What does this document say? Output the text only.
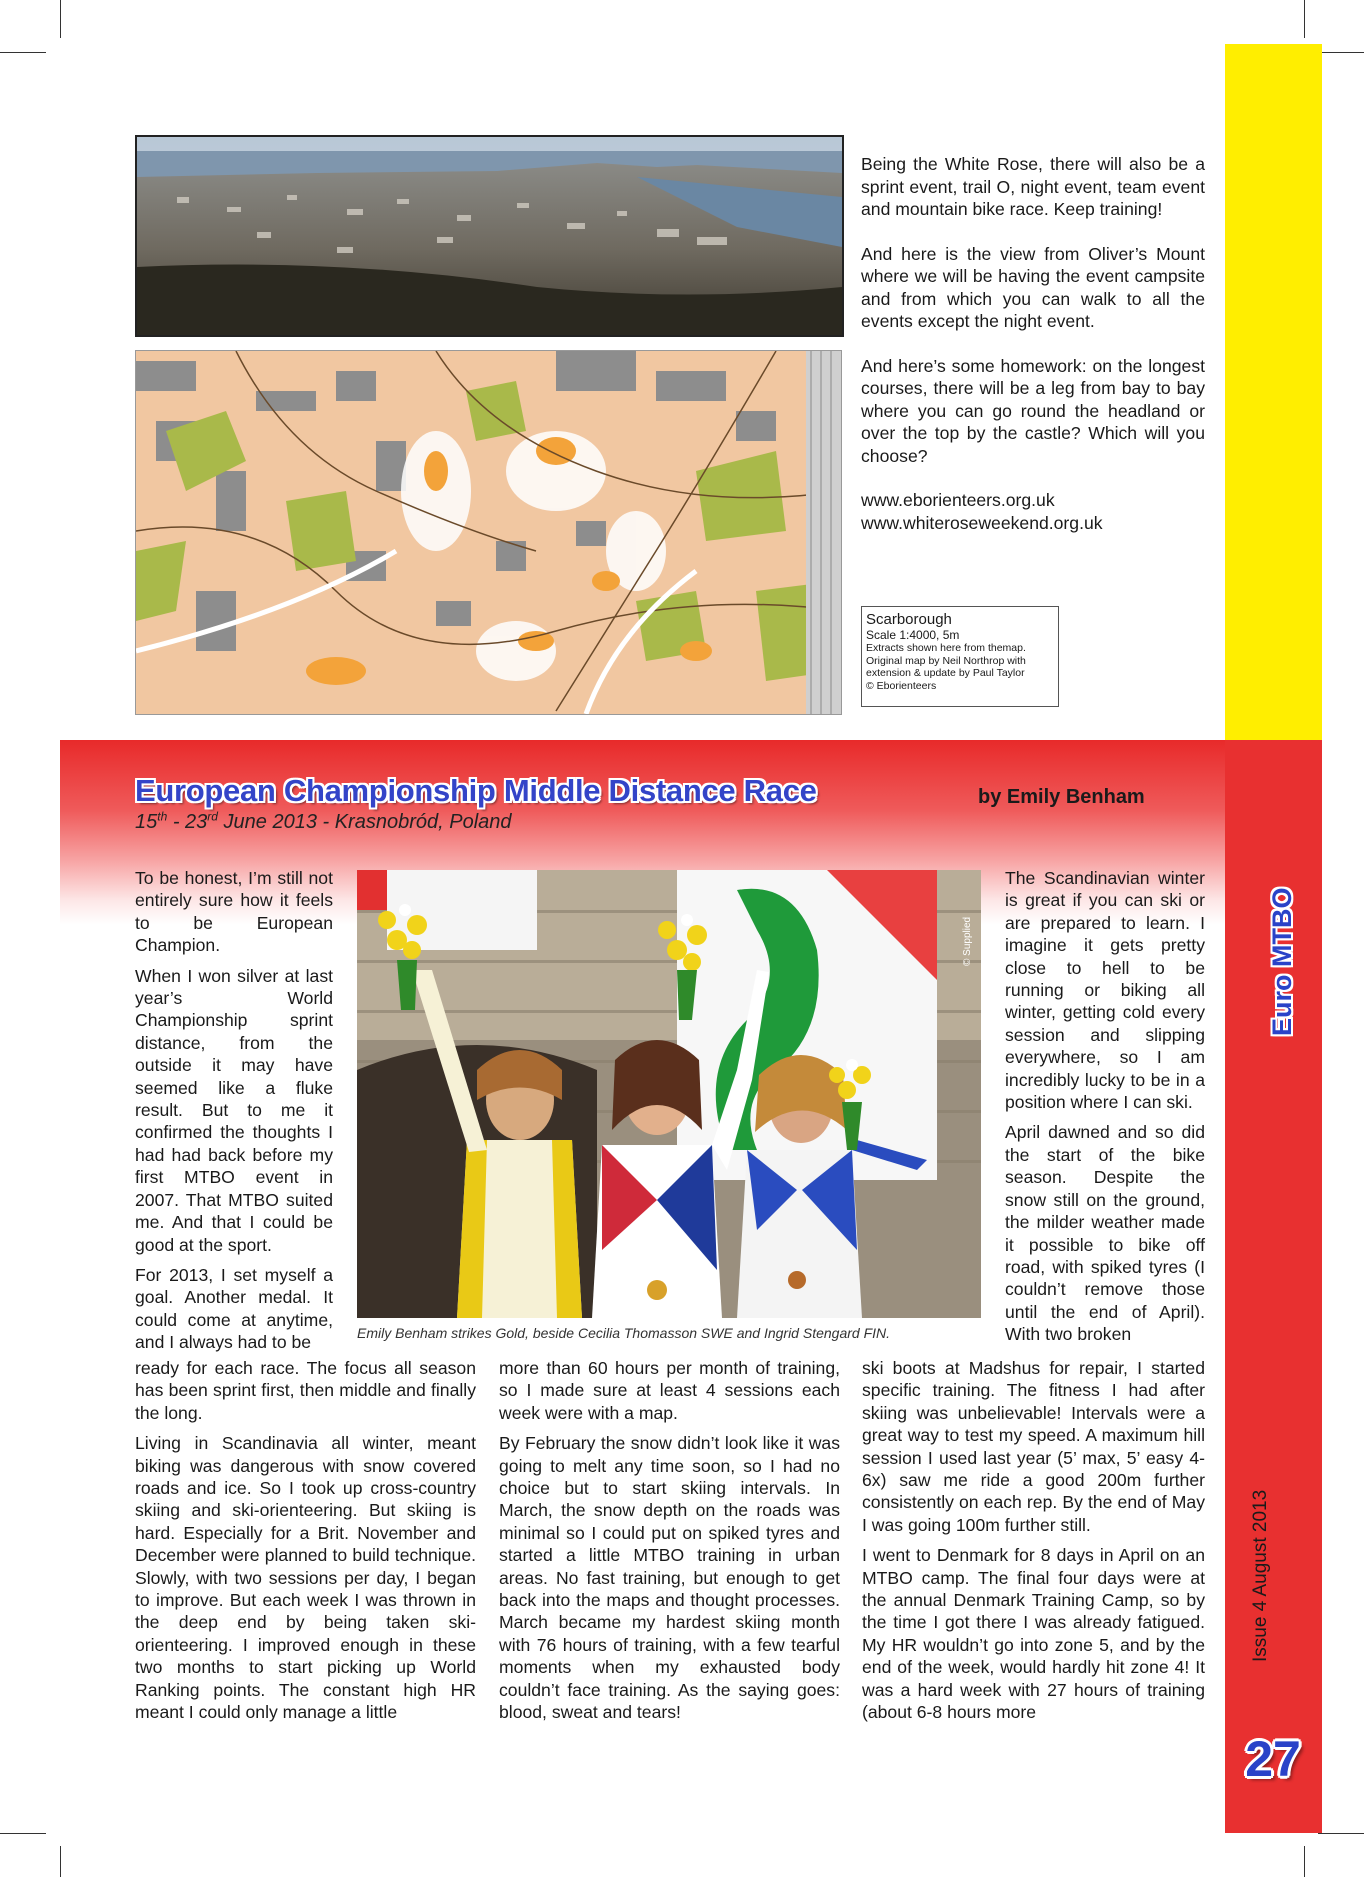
Being the White Rose, there will also be a sprint event, trail O, night event, team event and mountain bike race. Keep training!

And here is the view from Oliver’s Mount where we will be having the event campsite and from which you can walk to all the events except the night event.

And here’s some homework: on the longest courses, there will be a leg from bay to bay where you can go round the headland or over the top by the castle? Which will you choose?

www.eborienteers.org.uk
www.whiteroseweekend.org.uk
Scarborough
Scale 1:4000, 5m
Extracts shown here from themap.
Original map by Neil Northrop with
extension & update by Paul Taylor
© Eborienteers
European Championship Middle Distance Race	by Emily Benham
15th - 23rd June 2013 - Krasnobród, Poland
© Supplied
Emily Benham strikes Gold, beside Cecilia Thomasson SWE and Ingrid Stengard FIN.

To be honest, I’m still not entirely sure how it feels to be European Champion.

When I won silver at last year’s World Championship sprint distance, from the outside it may have seemed like a fluke result. But to me it confirmed the thoughts I had had back before my first MTBO event in 2007. That MTBO suited me. And that I could be good at the sport.

For 2013, I set myself a goal. Another medal. It could come at anytime, and I always had to be

ready for each race. The focus all season has been sprint first, then middle and finally the long.

Living in Scandinavia all winter, meant biking was dangerous with snow covered roads and ice. So I took up cross-country skiing and ski-orienteering. But skiing is hard. Especially for a Brit. November and December were planned to build technique. Slowly, with two sessions per day, I began to improve. But each week I was thrown in the deep end by being taken ski-orienteering. I improved enough in these two months to start picking up World Ranking points. The constant high HR meant I could only manage a little

more than 60 hours per month of training, so I made sure at least 4 sessions each week were with a map.

By February the snow didn’t look like it was going to melt any time soon, so I had no choice but to start skiing intervals. In March, the snow depth on the roads was minimal so I could put on spiked tyres and started a little MTBO training in urban areas. No fast training, but enough to get back into the maps and thought processes. March became my hardest skiing month with 76 hours of training, with a few tearful moments when my exhausted body couldn’t face training. As the saying goes: blood, sweat and tears!

The Scandinavian winter is great if you can ski or are prepared to learn. I imagine it gets pretty close to hell to be running or biking all winter, getting cold every session and slipping everywhere, so I am incredibly lucky to be in a position where I can ski.

April dawned and so did the start of the bike season. Despite the snow still on the ground, the milder weather made it possible to bike off road, with spiked tyres (I couldn’t remove those until the end of April). With two broken

ski boots at Madshus for repair, I started specific training. The fitness I had after skiing was unbelievable! Intervals were a great way to test my speed. A maximum hill session I used last year (5’ max, 5’ easy 4-6x) saw me ride a good 200m further consistently on each rep. By the end of May I was going 100m further still.

I went to Denmark for 8 days in April on an MTBO camp. The final four days were at the annual Denmark Training Camp, so by the time I got there I was already fatigued. My HR wouldn’t go into zone 5, and by the end of the week, would hardly hit zone 4! It was a hard week with 27 hours of training (about 6-8 hours more

Euro MTBO
Issue 4 August 2013
27
